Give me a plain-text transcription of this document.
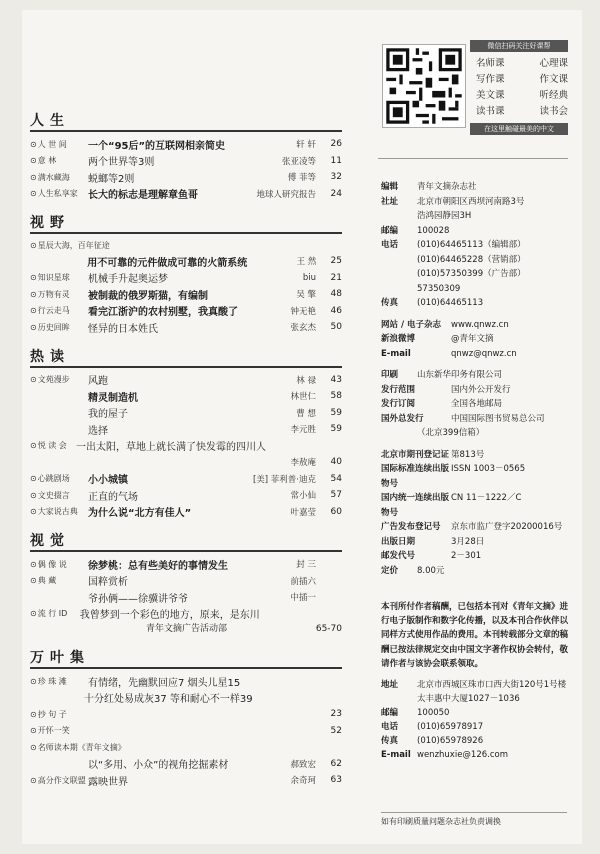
人生
⊙ 人 世 间	一个“95后”的互联网相亲简史	轩 轩	26
⊙ 意 林	两个世界等3则	张亚凌等	11
⊙ 满水藏海	蜕螂等2则	傅 菲等	32
⊙ 人生私享家	长大的标志是理解章鱼哥	地球人研究报告	24
视野
⊙ 星辰大海，百年征途
用不可靠的元件做成可靠的火箭系统	王 然	25
⊙ 知识星球	机械手升起奥运梦	biu	21
⊙ 万物有灵	被制裁的俄罗斯猫，有编制	吴 擎	48
⊙ 行云走马	看完江浙沪的农村别墅，我真酸了	钟无艳	46
⊙ 历史回眸	怪异的日本姓氏	张玄杰	50
热读
⊙ 文苑漫步	风跑	林 禄	43
精灵制造机	林世仁	58
我的屋子	曹 想	59
选择	李元胜	59
⊙ 悦 读 会 一出太阳，草地上就长满了快发霉的四川人
李敖庵	40
⊙ 心跳剧场	小小城镇	[美] 菲利普·迪克	54
⊙ 文史掇言	正直的气场	常小仙	57
⊙ 大家说古典	为什么说“北方有佳人”	叶嘉莹	60
视觉
⊙ 偶 像 说	徐梦桃：总有些美好的事情发生	封 三
⊙ 典 藏	国粹赏析	前插六
爷孙俩——徐骥讲爷爷	中插一
⊙ 流 行 ID	我曾梦到一个彩色的地方，原来，是东川
青年文摘广告活动部	65-70
万叶集
⊙ 珍 珠 滩	有情绪，先幽默回应7 烟头儿星15
十分红处易成灰37 等和耐心不一样39
⊙ 抄 句 子	23
⊙ 开怀一笑	52
⊙ 名师读本期《青年文摘》
以“多用、小众”的视角挖掘素材	郝致宏	62
⊙ 高分作文联盟 露映世界	余奇珂	63
微信扫码关注好课帮
名师课	心理课
写作课	作文课
美文课	听经典
读书课	读书会
在这里触碰最美的中文
编辑	青年文摘杂志社
社址	北京市朝阳区西坝河南路3号
浩鸿园静园3H
邮编	100028
电话	(010)64465113（编辑部）
(010)64465228（营销部）
(010)57350399（广告部）
57350309
传真	(010)64465113
网站 / 电子杂志	www.qnwz.cn
新浪微博	@青年文摘
E-mail	qnwz@qnwz.cn
印刷	山东新华印务有限公司
发行范围	国内外公开发行
发行订阅	全国各地邮局
国外总发行	中国国际图书贸易总公司
（北京399信箱）
北京市期刊登记证 第813号
国际标准连续出版物号
ISSN 1003－0565
国内统一连续出版物号
CN 11－1222／C
广告发布登记号	京东市监广登字20200016号
出版日期	3月28日
邮发代号	2－301
定价	8.00元
本刊所付作者稿酬，已包括本刊对《青年文摘》进行电子版制作和数字化传播，以及本刊合作伙伴以同样方式使用作品的费用。本刊转载部分文章的稿酬已按法律规定交由中国文字著作权协会转付，敬请作者与该协会联系领取。
地址	北京市西城区珠市口西大街120号1号楼
太丰惠中大厦1027－1036
邮编	100050
电话	(010)65978917
传真	(010)65978926
E-mail wenzhuxie@126.com
如有印刷质量问题杂志社负责调换
